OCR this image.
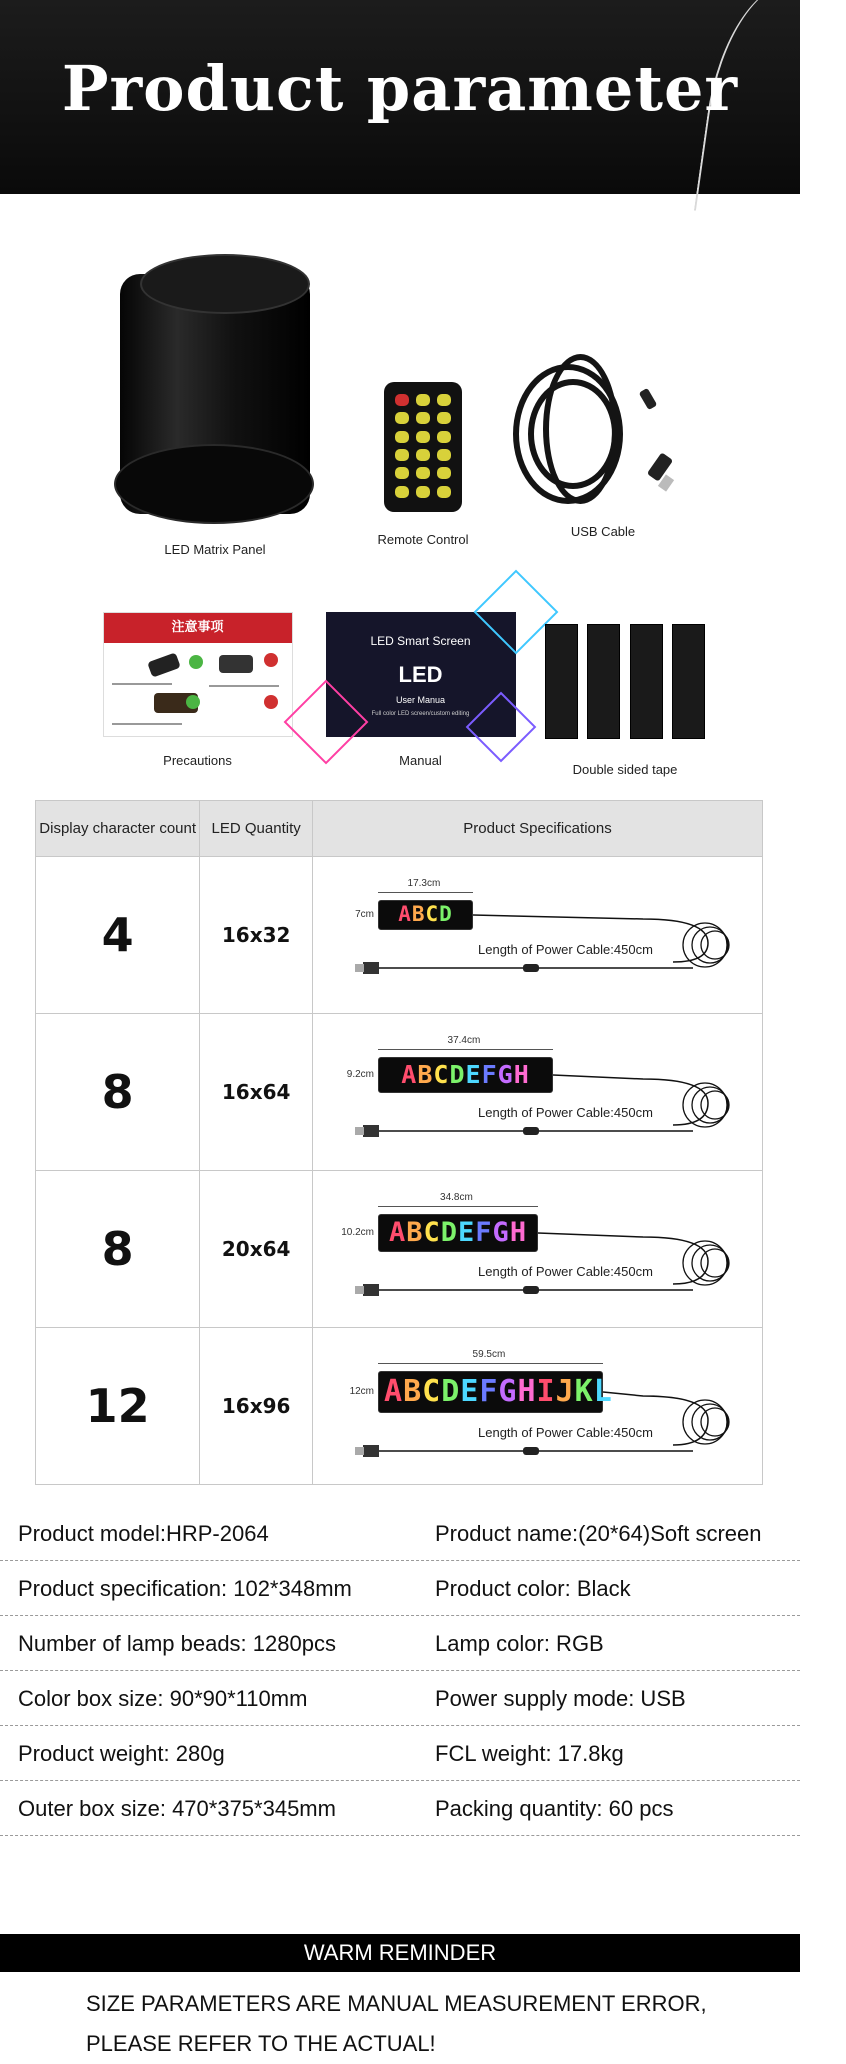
Product parameter
LED Matrix Panel
Remote Control
USB Cable
注意事项
Precautions
LED Smart Screen
LED
User Manua
Full color LED screen/custom editing
Manual
Double sided tape
Display character count	LED Quantity	Product Specifications
4	16x32	17.3cm
7cm
Length of Power Cable:450cm
ABCD

8	16x64	37.4cm
9.2cm
Length of Power Cable:450cm
ABCDEFGH

8	20x64	34.8cm
10.2cm
Length of Power Cable:450cm
ABCDEFGH

12	16x96	59.5cm
12cm
Length of Power Cable:450cm
ABCDEFGHIJKL
Product model:HRP-2064	Product name:(20*64)Soft screen
Product specification: 102*348mm	Product color: Black
Number of lamp beads: 1280pcs	Lamp color: RGB
Color box size: 90*90*110mm	Power supply mode: USB
Product weight: 280g	FCL weight: 17.8kg
Outer box size: 470*375*345mm	Packing quantity: 60 pcs
WARM REMINDER
SIZE PARAMETERS ARE MANUAL MEASUREMENT ERROR,
PLEASE REFER TO THE ACTUAL!
